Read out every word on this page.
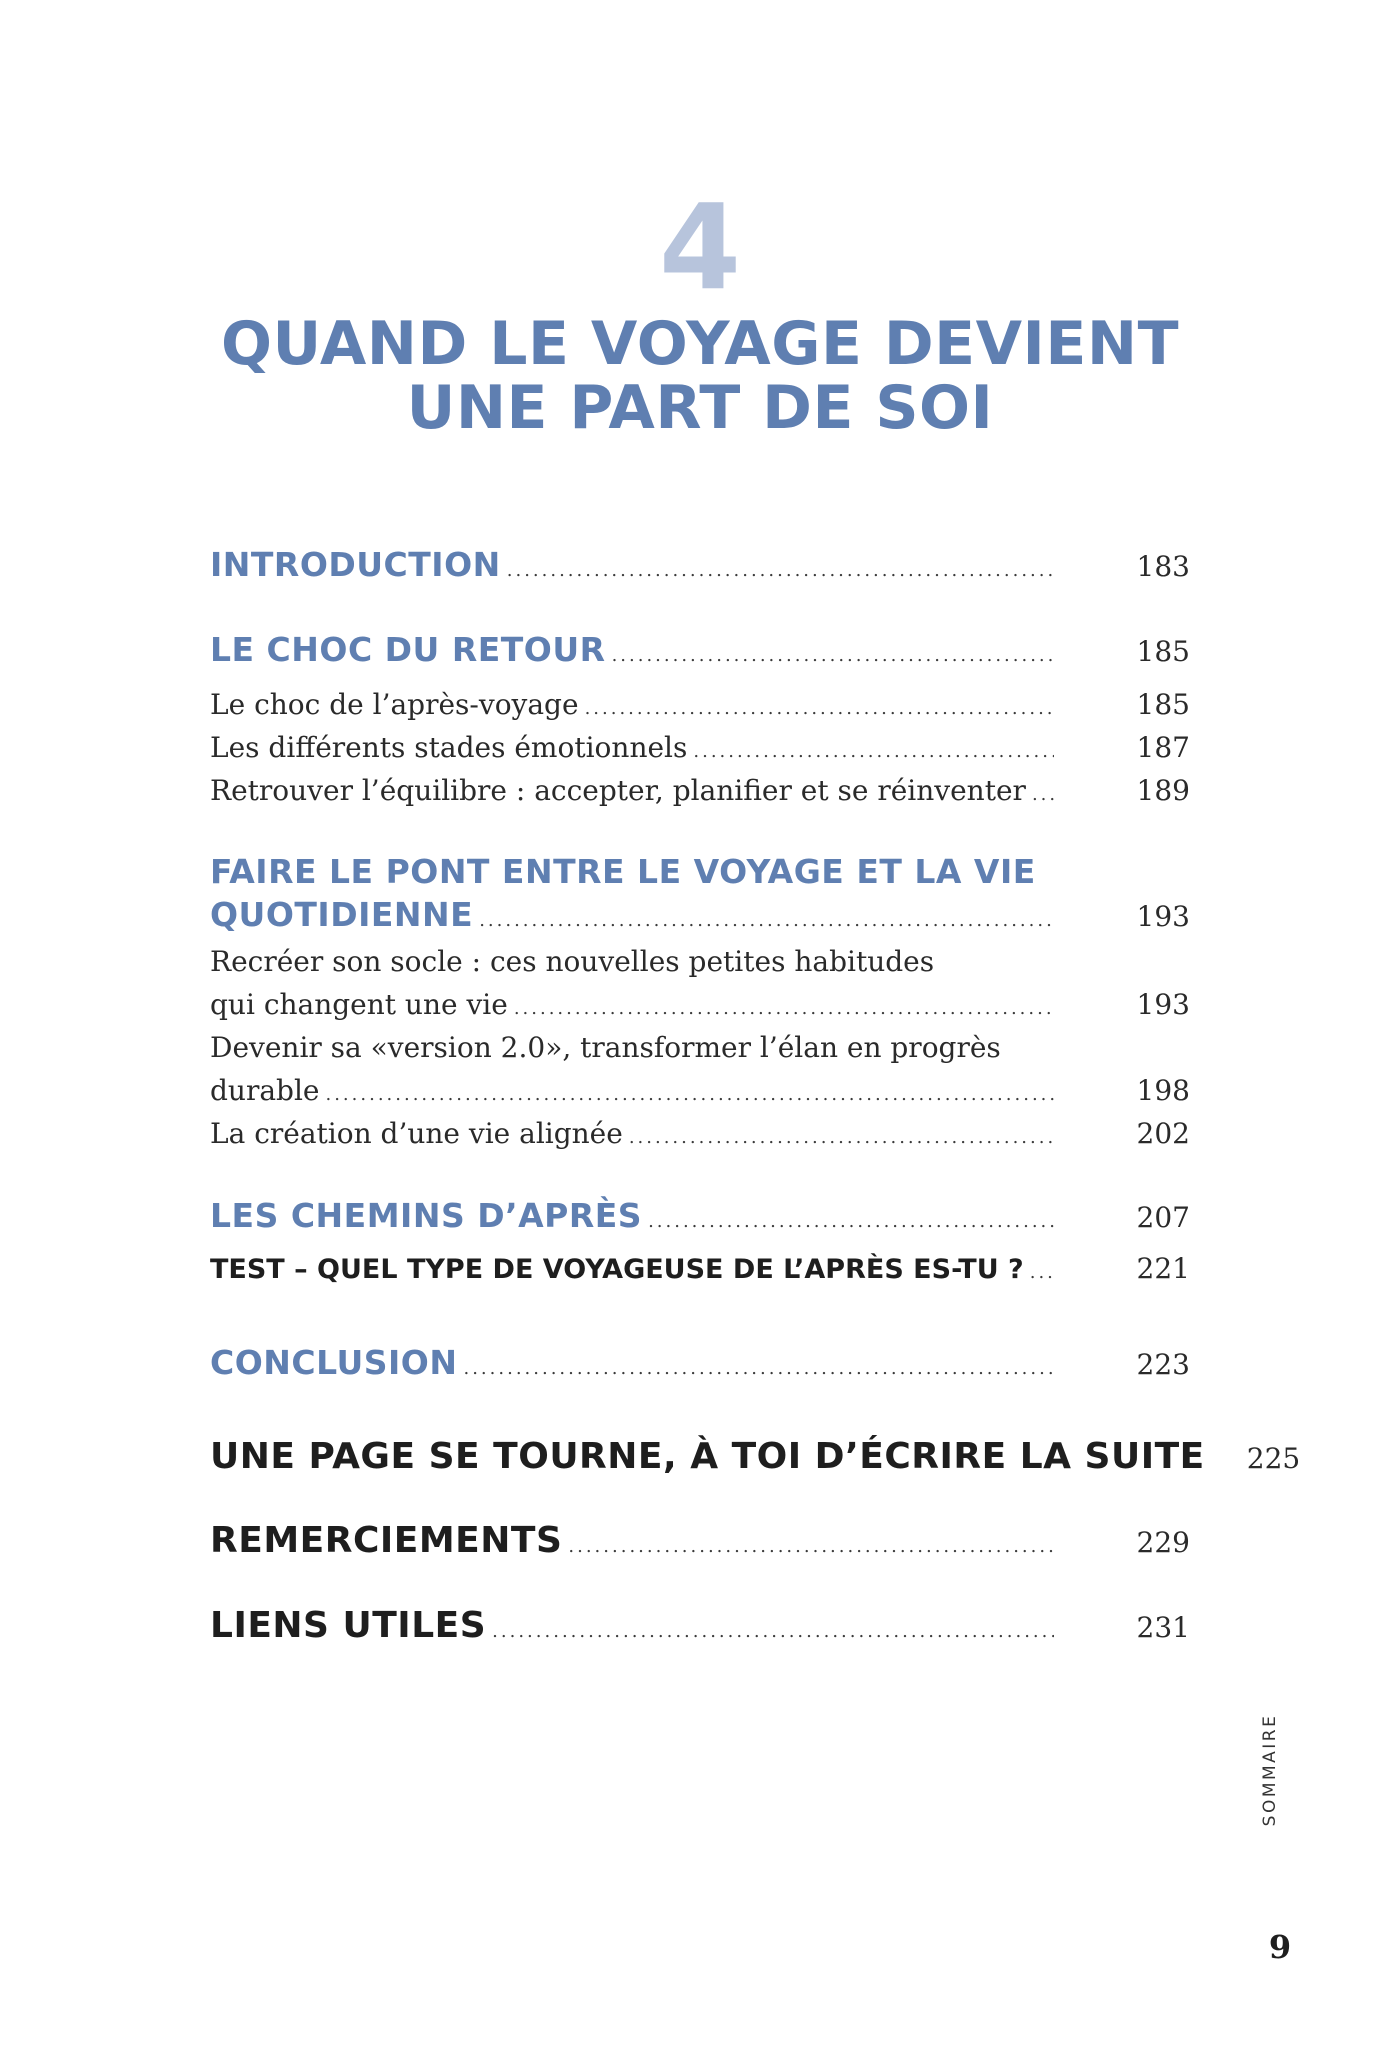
4
QUAND LE VOYAGE DEVIENT
UNE PART DE SOI
INTRODUCTION .....	183
LE CHOC DU RETOUR .....	185
Le choc de l’après-voyage .....	185
Les différents stades émotionnels .....	187
Retrouver l’équilibre : accepter, planifier et se réinventer .....	189
FAIRE LE PONT ENTRE LE VOYAGE ET LA VIE
QUOTIDIENNE .....	193
Recréer son socle : ces nouvelles petites habitudes
qui changent une vie .....	193
Devenir sa «version 2.0», transformer l’élan en progrès
durable .....	198
La création d’une vie alignée .....	202
LES CHEMINS D’APRÈS .....	207
TEST – QUEL TYPE DE VOYAGEUSE DE L’APRÈS ES-TU ? .....	221
CONCLUSION .....	223
UNE PAGE SE TOURNE, À TOI D’ÉCRIRE LA SUITE 225
REMERCIEMENTS .....	229
LIENS UTILES .....	231
SOMMAIRE
9
